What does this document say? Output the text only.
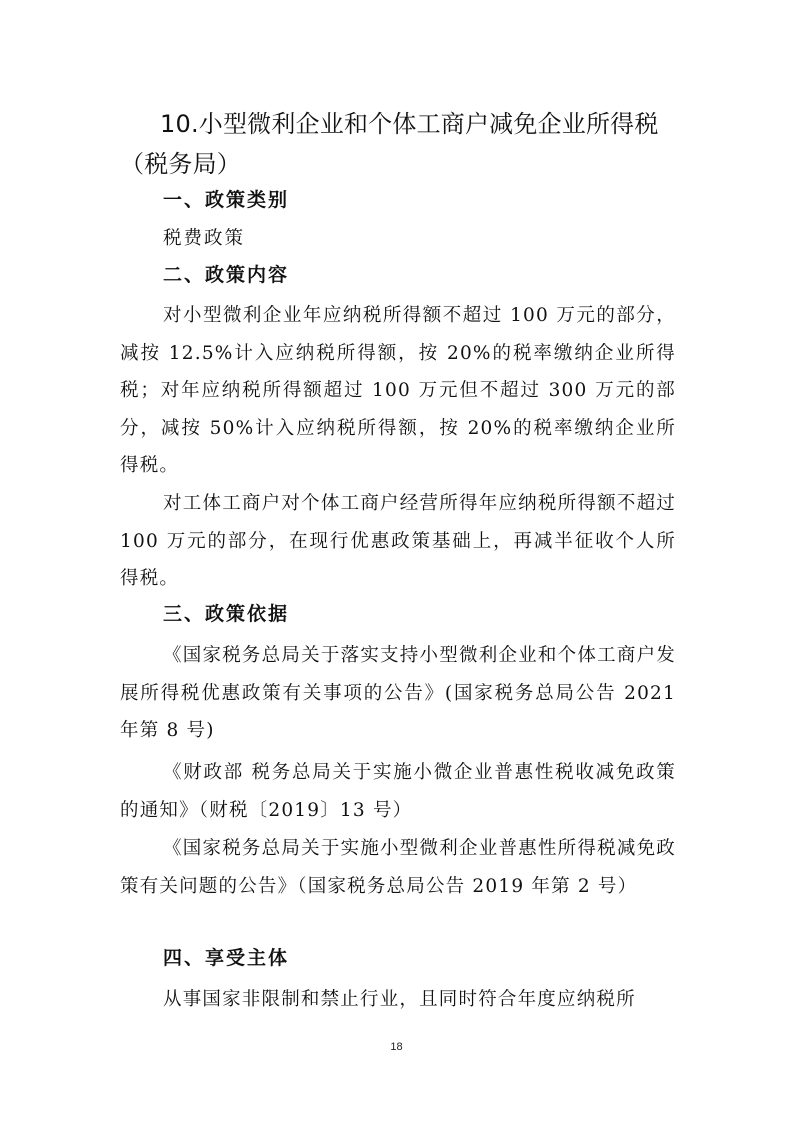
10.小型微利企业和个体工商户减免企业所得税（税务局）
一、政策类别
税费政策
二、政策内容
对小型微利企业年应纳税所得额不超过 100 万元的部分，减按 12.5%计入应纳税所得额，按 20%的税率缴纳企业所得税；对年应纳税所得额超过 100 万元但不超过 300 万元的部分，减按 50%计入应纳税所得额，按 20%的税率缴纳企业所得税。
对工体工商户对个体工商户经营所得年应纳税所得额不超过 100 万元的部分，在现行优惠政策基础上，再减半征收个人所得税。
三、政策依据
《国家税务总局关于落实支持小型微利企业和个体工商户发展所得税优惠政策有关事项的公告》(国家税务总局公告 2021 年第 8 号)
《财政部 税务总局关于实施小微企业普惠性税收减免政策的通知》（财税〔2019〕13 号）
《国家税务总局关于实施小型微利企业普惠性所得税减免政策有关问题的公告》（国家税务总局公告 2019 年第 2 号）
四、享受主体
从事国家非限制和禁止行业，且同时符合年度应纳税所
18
